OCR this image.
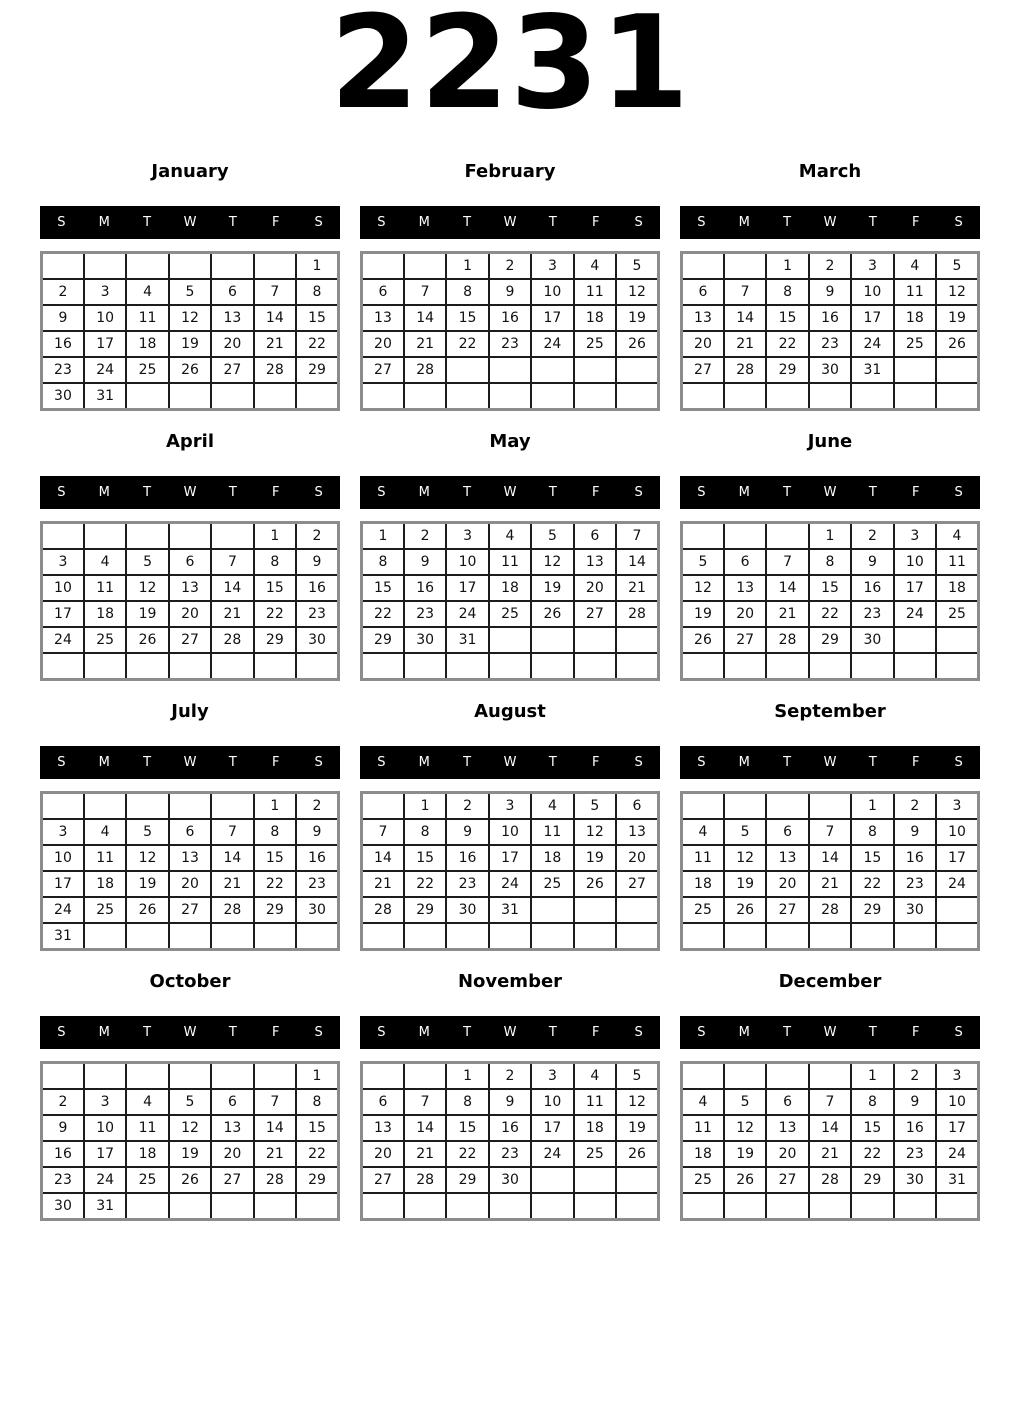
2231
January
S	M	T	W	T	F	S
						1
2	3	4	5	6	7	8
9	10	11	12	13	14	15
16	17	18	19	20	21	22
23	24	25	26	27	28	29
30	31					
February
S	M	T	W	T	F	S
		1	2	3	4	5
6	7	8	9	10	11	12
13	14	15	16	17	18	19
20	21	22	23	24	25	26
27	28					

March
S	M	T	W	T	F	S
		1	2	3	4	5
6	7	8	9	10	11	12
13	14	15	16	17	18	19
20	21	22	23	24	25	26
27	28	29	30	31		

April
S	M	T	W	T	F	S
					1	2
3	4	5	6	7	8	9
10	11	12	13	14	15	16
17	18	19	20	21	22	23
24	25	26	27	28	29	30

May
S	M	T	W	T	F	S
1	2	3	4	5	6	7
8	9	10	11	12	13	14
15	16	17	18	19	20	21
22	23	24	25	26	27	28
29	30	31				

June
S	M	T	W	T	F	S
			1	2	3	4
5	6	7	8	9	10	11
12	13	14	15	16	17	18
19	20	21	22	23	24	25
26	27	28	29	30		

July
S	M	T	W	T	F	S
					1	2
3	4	5	6	7	8	9
10	11	12	13	14	15	16
17	18	19	20	21	22	23
24	25	26	27	28	29	30
31						
August
S	M	T	W	T	F	S
	1	2	3	4	5	6
7	8	9	10	11	12	13
14	15	16	17	18	19	20
21	22	23	24	25	26	27
28	29	30	31			

September
S	M	T	W	T	F	S
				1	2	3
4	5	6	7	8	9	10
11	12	13	14	15	16	17
18	19	20	21	22	23	24
25	26	27	28	29	30	

October
S	M	T	W	T	F	S
						1
2	3	4	5	6	7	8
9	10	11	12	13	14	15
16	17	18	19	20	21	22
23	24	25	26	27	28	29
30	31					
November
S	M	T	W	T	F	S
		1	2	3	4	5
6	7	8	9	10	11	12
13	14	15	16	17	18	19
20	21	22	23	24	25	26
27	28	29	30			

December
S	M	T	W	T	F	S
				1	2	3
4	5	6	7	8	9	10
11	12	13	14	15	16	17
18	19	20	21	22	23	24
25	26	27	28	29	30	31
